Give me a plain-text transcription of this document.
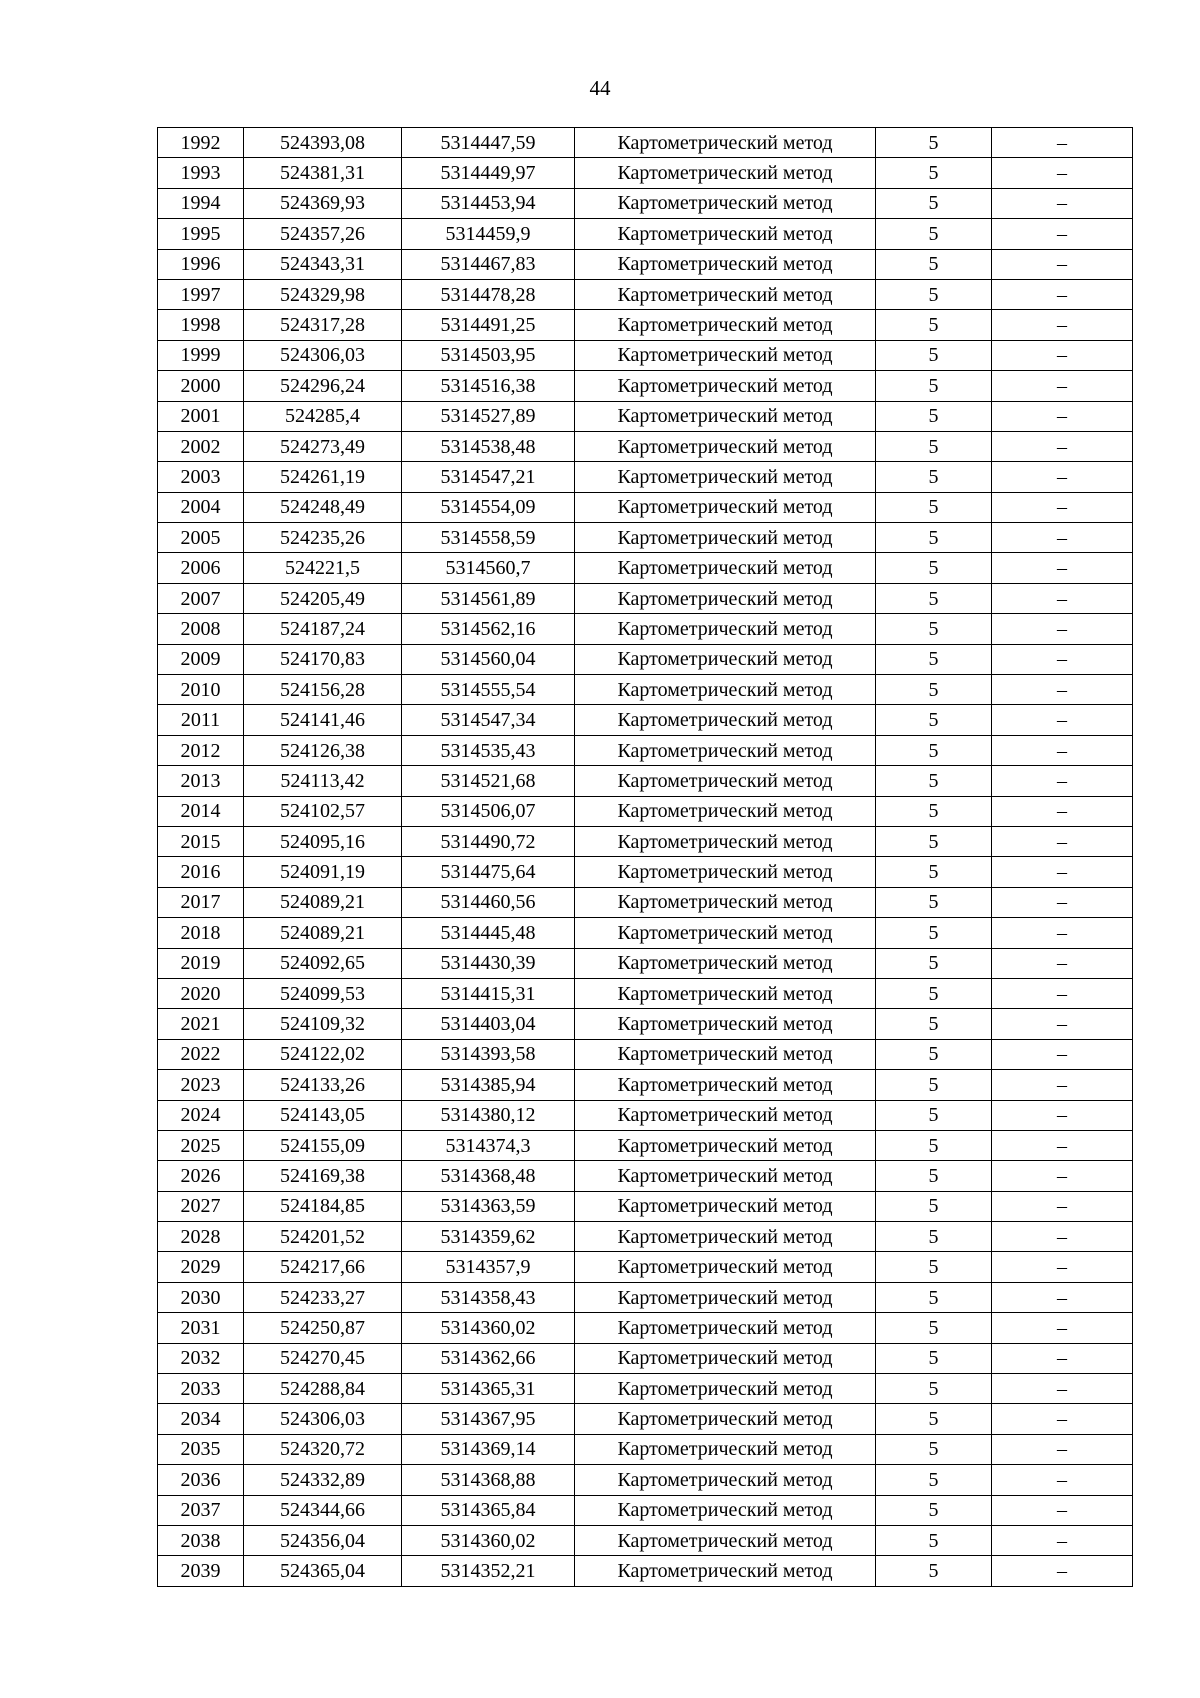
44
1992	524393,08	5314447,59	Картометрический метод	5	–
1993	524381,31	5314449,97	Картометрический метод	5	–
1994	524369,93	5314453,94	Картометрический метод	5	–
1995	524357,26	5314459,9	Картометрический метод	5	–
1996	524343,31	5314467,83	Картометрический метод	5	–
1997	524329,98	5314478,28	Картометрический метод	5	–
1998	524317,28	5314491,25	Картометрический метод	5	–
1999	524306,03	5314503,95	Картометрический метод	5	–
2000	524296,24	5314516,38	Картометрический метод	5	–
2001	524285,4	5314527,89	Картометрический метод	5	–
2002	524273,49	5314538,48	Картометрический метод	5	–
2003	524261,19	5314547,21	Картометрический метод	5	–
2004	524248,49	5314554,09	Картометрический метод	5	–
2005	524235,26	5314558,59	Картометрический метод	5	–
2006	524221,5	5314560,7	Картометрический метод	5	–
2007	524205,49	5314561,89	Картометрический метод	5	–
2008	524187,24	5314562,16	Картометрический метод	5	–
2009	524170,83	5314560,04	Картометрический метод	5	–
2010	524156,28	5314555,54	Картометрический метод	5	–
2011	524141,46	5314547,34	Картометрический метод	5	–
2012	524126,38	5314535,43	Картометрический метод	5	–
2013	524113,42	5314521,68	Картометрический метод	5	–
2014	524102,57	5314506,07	Картометрический метод	5	–
2015	524095,16	5314490,72	Картометрический метод	5	–
2016	524091,19	5314475,64	Картометрический метод	5	–
2017	524089,21	5314460,56	Картометрический метод	5	–
2018	524089,21	5314445,48	Картометрический метод	5	–
2019	524092,65	5314430,39	Картометрический метод	5	–
2020	524099,53	5314415,31	Картометрический метод	5	–
2021	524109,32	5314403,04	Картометрический метод	5	–
2022	524122,02	5314393,58	Картометрический метод	5	–
2023	524133,26	5314385,94	Картометрический метод	5	–
2024	524143,05	5314380,12	Картометрический метод	5	–
2025	524155,09	5314374,3	Картометрический метод	5	–
2026	524169,38	5314368,48	Картометрический метод	5	–
2027	524184,85	5314363,59	Картометрический метод	5	–
2028	524201,52	5314359,62	Картометрический метод	5	–
2029	524217,66	5314357,9	Картометрический метод	5	–
2030	524233,27	5314358,43	Картометрический метод	5	–
2031	524250,87	5314360,02	Картометрический метод	5	–
2032	524270,45	5314362,66	Картометрический метод	5	–
2033	524288,84	5314365,31	Картометрический метод	5	–
2034	524306,03	5314367,95	Картометрический метод	5	–
2035	524320,72	5314369,14	Картометрический метод	5	–
2036	524332,89	5314368,88	Картометрический метод	5	–
2037	524344,66	5314365,84	Картометрический метод	5	–
2038	524356,04	5314360,02	Картометрический метод	5	–
2039	524365,04	5314352,21	Картометрический метод	5	–
